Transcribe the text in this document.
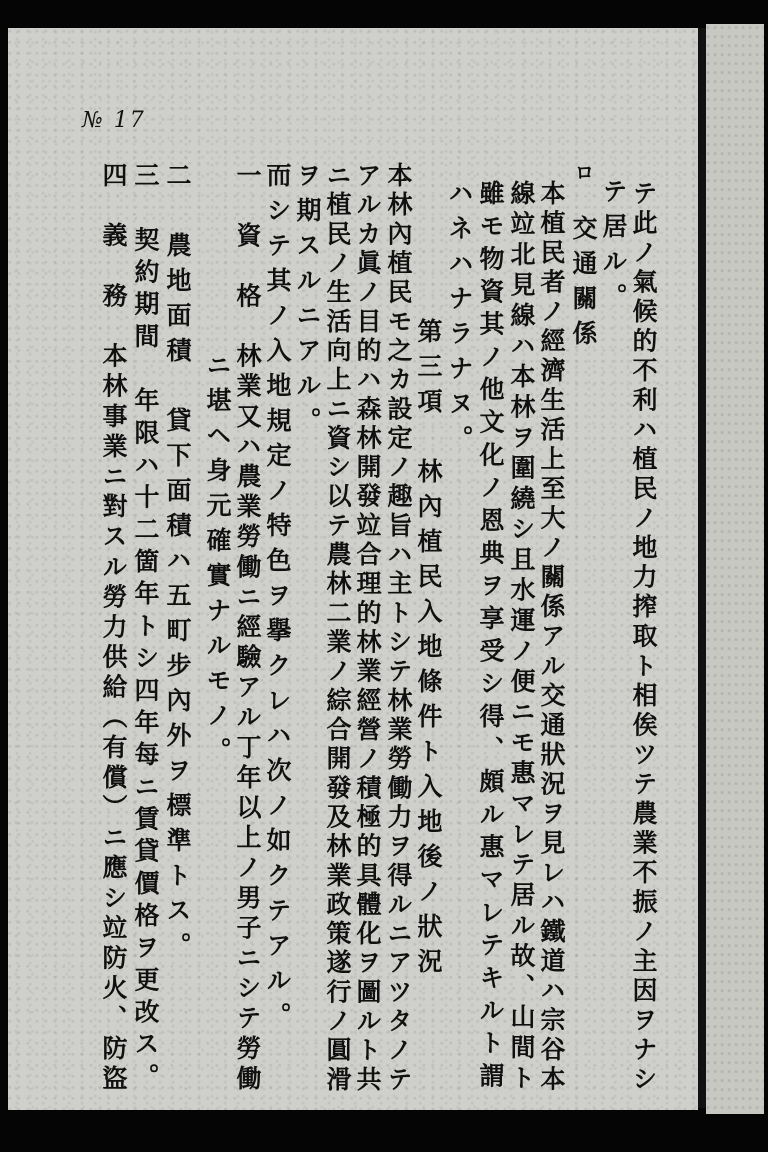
№ 17
テ此ノ氣候的不利ハ植民ノ地力搾取ト相俟ツテ農業不振ノ主因ヲナシ
テ居ル。
ロ
交通關係
本植民者ノ經濟生活上至大ノ關係アル交通狀況ヲ見レハ鐵道ハ宗谷本
線竝北見線ハ本林ヲ圍繞シ且水運ノ便ニモ惠マレテ居ル故、山間ト
雖モ物資其ノ他文化ノ恩典ヲ享受シ得、頗ル惠マレテキルト謂
ハネハナラナヌ。
第三項　林內植民入地條件ト入地後ノ狀況
本林內植民モ之カ設定ノ趣旨ハ主トシテ林業勞働力ヲ得ルニアツタノテ
アルカ眞ノ目的ハ森林開發竝合理的林業經營ノ積極的具體化ヲ圖ルト共
ニ植民ノ生活向上ニ資シ以テ農林二業ノ綜合開發及林業政策遂行ノ圓滑
ヲ期スルニアル。
而シテ其ノ入地規定ノ特色ヲ擧クレハ次ノ如クテアル。
一　資　格　林業又ハ農業勞働ニ經驗アル丁年以上ノ男子ニシテ勞働
ニ堪ヘ身元確實ナルモノ。
二　農地面積　貸下面積ハ五町步內外ヲ標準トス。
三　契約期間　年限ハ十二箇年トシ四年每ニ賃貸價格ヲ更改ス。
四　義　務　本林事業ニ對スル勞力供給（有償）ニ應シ竝防火、防盜
